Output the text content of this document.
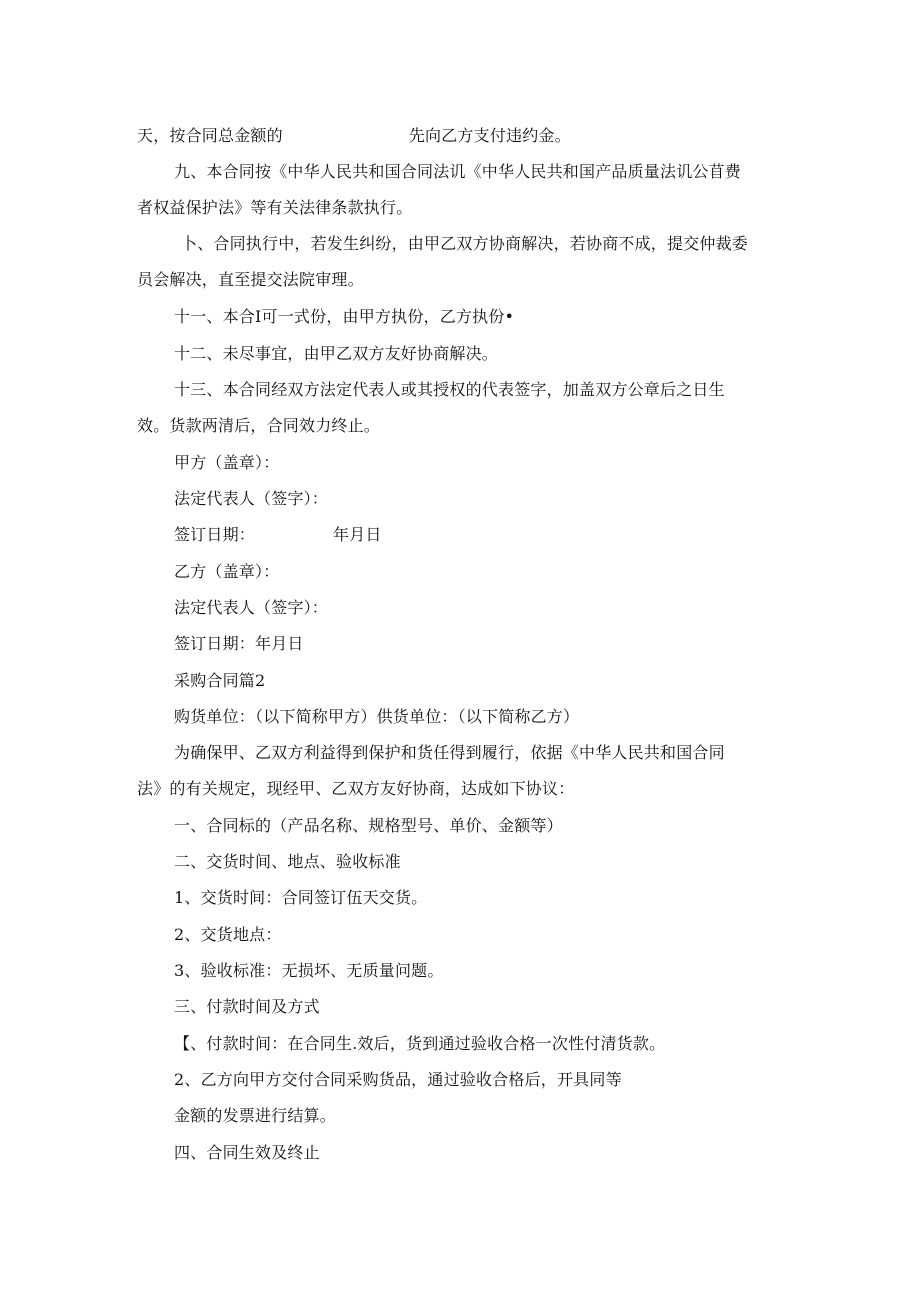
天，按合同总金额的	先向乙方支付违约金。
九、本合同按《中华人民共和国合同法讥《中华人民共和国产品质量法讥公苜费
者权益保护法》等有关法律条款执行。
卜、合同执行中，若发生纠纷，由甲乙双方协商解决，若协商不成，提交仲裁委
员会解决，直至提交法院审理。
十一、本合Ⅰ可一式份，由甲方执份，乙方执份•
十二、未尽事宜，由甲乙双方友好协商解决。
十三、本合同经双方法定代表人或其授权的代表签字，加盖双方公章后之日生
效。货款两清后，合同效力终止。
甲方（盖章）：
法定代表人（签字）：
签订日期：	年月日
乙方（盖章）：
法定代表人（签字）：
签订日期：年月日
采购合同篇2
购货单位：（以下简称甲方）供货单位：（以下简称乙方）
为确保甲、乙双方利益得到保护和货任得到履行，依据《中华人民共和国合同
法》的有关规定，现经甲、乙双方友好协商，达成如下协议：
一、合同标的（产品名称、规格型号、单价、金额等）
二、交货时间、地点、验收标准
1、交货时间：合同签订伍天交货。
2、交货地点：
3、验收标准：无损坏、无质量问题。
三、付款时间及方式
【、付款时间：在合同生.效后，货到通过验收合格一次性付清货款。
2、乙方向甲方交付合同采购货品，通过验收合格后，开具同等
金额的发票进行结算。
四、合同生效及终止
